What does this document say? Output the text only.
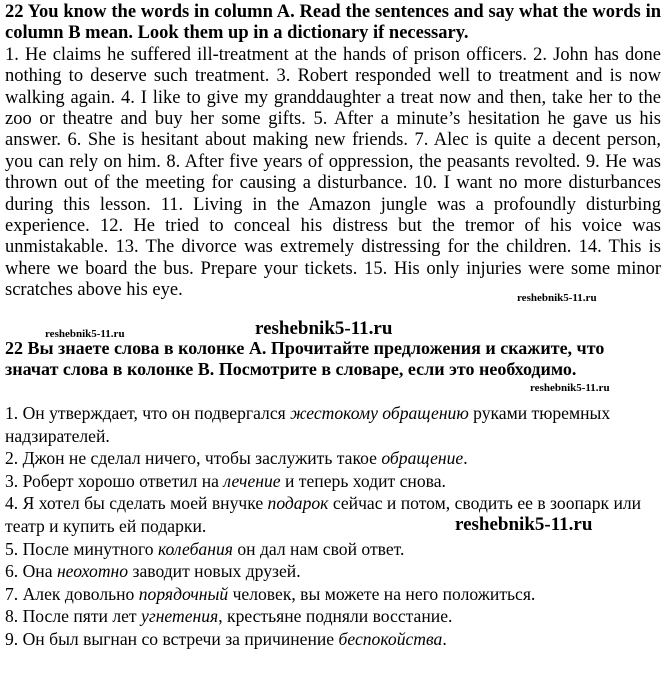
22 You know the words in column A. Read the sentences and say what the words in column B mean. Look them up in a dictionary if necessary.
1. He claims he suffered ill-treatment at the hands of prison officers. 2. John has done nothing to deserve such treatment. 3. Robert responded well to treatment and is now walking again. 4. I like to give my granddaughter a treat now and then, take her to the zoo or theatre and buy her some gifts. 5. After a minute’s hesitation he gave us his answer. 6. She is hesitant about making new friends. 7. Alec is quite a decent person, you can rely on him. 8. After five years of oppression, the peasants revolted. 9. He was thrown out of the meeting for causing a disturbance. 10. I want no more disturbances during this lesson. 11. Living in the Amazon jungle was a profoundly disturbing experience. 12. He tried to conceal his distress but the tremor of his voice was unmistakable. 13. The divorce was extremely distressing for the children. 14. This is where we board the bus. Prepare your tickets. 15. His only injuries were some minor scratches above his eye.
22 Вы знаете слова в колонке А. Прочитайте предложения и скажите, что значат слова в колонке В. Посмотрите в словаре, если это необходимо.

1. Он утверждает, что он подвергался жестокому обращению руками тюремных надзирателей.

2. Джон не сделал ничего, чтобы заслужить такое обращение.

3. Роберт хорошо ответил на лечение и теперь ходит снова.

4. Я хотел бы сделать моей внучке подарок сейчас и потом, сводить ее в зоопарк или театр и купить ей подарки.

5. После минутного колебания он дал нам свой ответ.

6. Она неохотно заводит новых друзей.

7. Алек довольно порядочный человек, вы можете на него положиться.

8. После пяти лет угнетения, крестьяне подняли восстание.

9. Он был выгнан со встречи за причинение беспокойства.

reshebnik5-11.ru
reshebnik5-11.ru	reshebnik5-11.ru
reshebnik5-11.ru
reshebnik5-11.ru
